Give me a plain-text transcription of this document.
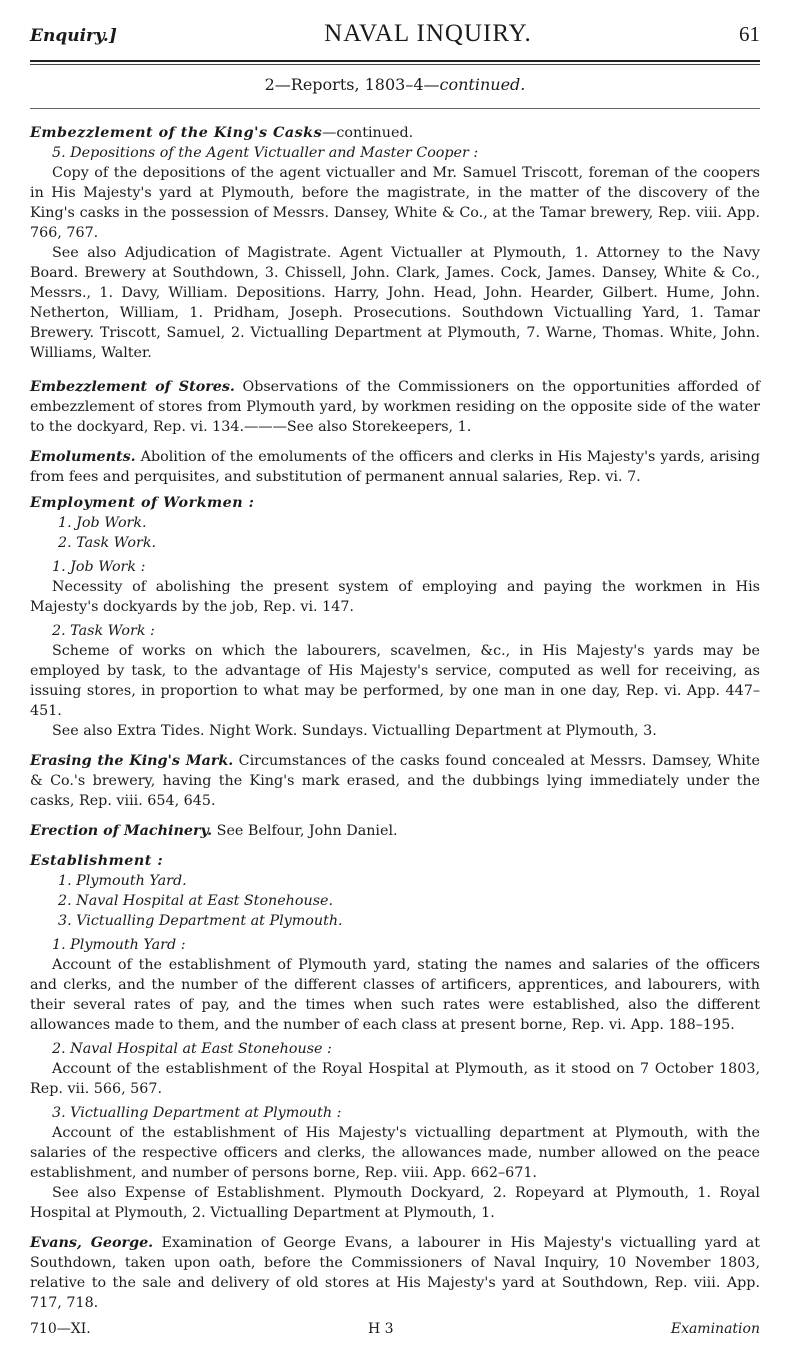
Enquiry.]	NAVAL INQUIRY.	61
2—Reports, 1803–4—continued.
Embezzlement of the King's Casks—continued.

5. Depositions of the Agent Victualler and Master Cooper :

Copy of the depositions of the agent victualler and Mr. Samuel Triscott, foreman of the coopers in His Majesty's yard at Plymouth, before the magistrate, in the matter of the discovery of the King's casks in the possession of Messrs. Dansey, White & Co., at the Tamar brewery, Rep. viii. App. 766, 767.

See also Adjudication of Magistrate. Agent Victualler at Plymouth, 1. Attorney to the Navy Board. Brewery at Southdown, 3. Chissell, John. Clark, James. Cock, James. Dansey, White & Co., Messrs., 1. Davy, William. Depositions. Harry, John. Head, John. Hearder, Gilbert. Hume, John. Netherton, William, 1. Pridham, Joseph. Prosecutions. Southdown Victualling Yard, 1. Tamar Brewery. Triscott, Samuel, 2. Victualling Department at Plymouth, 7. Warne, Thomas. White, John. Williams, Walter.

Embezzlement of Stores. Observations of the Commissioners on the opportunities afforded of embezzlement of stores from Plymouth yard, by workmen residing on the opposite side of the water to the dockyard, Rep. vi. 134.———See also Storekeepers, 1.
Emoluments. Abolition of the emoluments of the officers and clerks in His Majesty's yards, arising from fees and perquisites, and substitution of permanent annual salaries, Rep. vi. 7.
Employment of Workmen :

1. Job Work.

2. Task Work.

1. Job Work :

Necessity of abolishing the present system of employing and paying the workmen in His Majesty's dockyards by the job, Rep. vi. 147.

2. Task Work :

Scheme of works on which the labourers, scavelmen, &c., in His Majesty's yards may be employed by task, to the advantage of His Majesty's service, computed as well for receiving, as issuing stores, in proportion to what may be performed, by one man in one day, Rep. vi. App. 447–451.

See also Extra Tides. Night Work. Sundays. Victualling Department at Plymouth, 3.

Erasing the King's Mark. Circumstances of the casks found concealed at Messrs. Damsey, White & Co.'s brewery, having the King's mark erased, and the dubbings lying immediately under the casks, Rep. viii. 654, 645.
Erection of Machinery. See Belfour, John Daniel.
Establishment :

1. Plymouth Yard.

2. Naval Hospital at East Stonehouse.

3. Victualling Department at Plymouth.

1. Plymouth Yard :

Account of the establishment of Plymouth yard, stating the names and salaries of the officers and clerks, and the number of the different classes of artificers, apprentices, and labourers, with their several rates of pay, and the times when such rates were established, also the different allowances made to them, and the number of each class at present borne, Rep. vi. App. 188–195.

2. Naval Hospital at East Stonehouse :

Account of the establishment of the Royal Hospital at Plymouth, as it stood on 7 October 1803, Rep. vii. 566, 567.

3. Victualling Department at Plymouth :

Account of the establishment of His Majesty's victualling department at Plymouth, with the salaries of the respective officers and clerks, the allowances made, number allowed on the peace establishment, and number of persons borne, Rep. viii. App. 662–671.

See also Expense of Establishment. Plymouth Dockyard, 2. Ropeyard at Plymouth, 1. Royal Hospital at Plymouth, 2. Victualling Department at Plymouth, 1.

Evans, George. Examination of George Evans, a labourer in His Majesty's victualling yard at Southdown, taken upon oath, before the Commissioners of Naval Inquiry, 10 November 1803, relative to the sale and delivery of old stores at His Majesty's yard at Southdown, Rep. viii. App. 717, 718.
710—XI.	H 3	Examination
